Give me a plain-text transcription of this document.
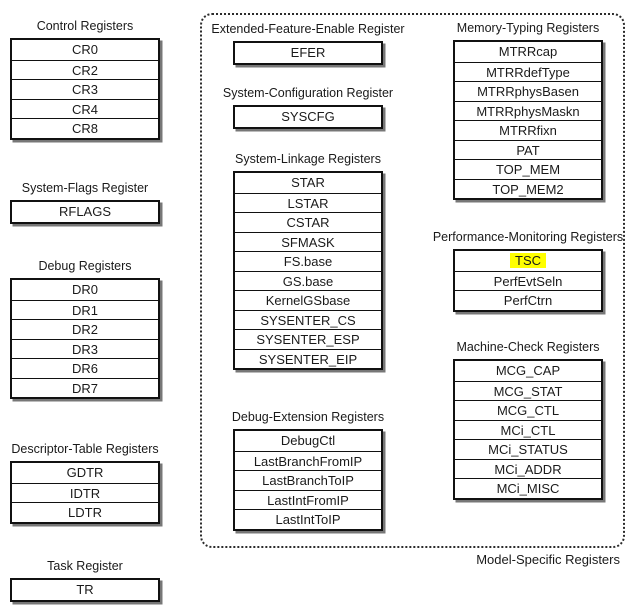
Control Registers
CR0
CR2
CR3
CR4
CR8
System-Flags Register
RFLAGS
Debug Registers
DR0
DR1
DR2
DR3
DR6
DR7
Descriptor-Table Registers
GDTR
IDTR
LDTR
Task Register
TR
Extended-Feature-Enable Register
EFER
System-Configuration Register
SYSCFG
System-Linkage Registers
STAR
LSTAR
CSTAR
SFMASK
FS.base
GS.base
KernelGSbase
SYSENTER_CS
SYSENTER_ESP
SYSENTER_EIP
Debug-Extension Registers
DebugCtl
LastBranchFromIP
LastBranchToIP
LastIntFromIP
LastIntToIP
Memory-Typing Registers
MTRRcap
MTRRdefType
MTRRphysBasen
MTRRphysMaskn
MTRRfixn
PAT
TOP_MEM
TOP_MEM2
Performance-Monitoring Registers
TSC
PerfEvtSeln
PerfCtrn
Machine-Check Registers
MCG_CAP
MCG_STAT
MCG_CTL
MCi_CTL
MCi_STATUS
MCi_ADDR
MCi_MISC
Model-Specific Registers
